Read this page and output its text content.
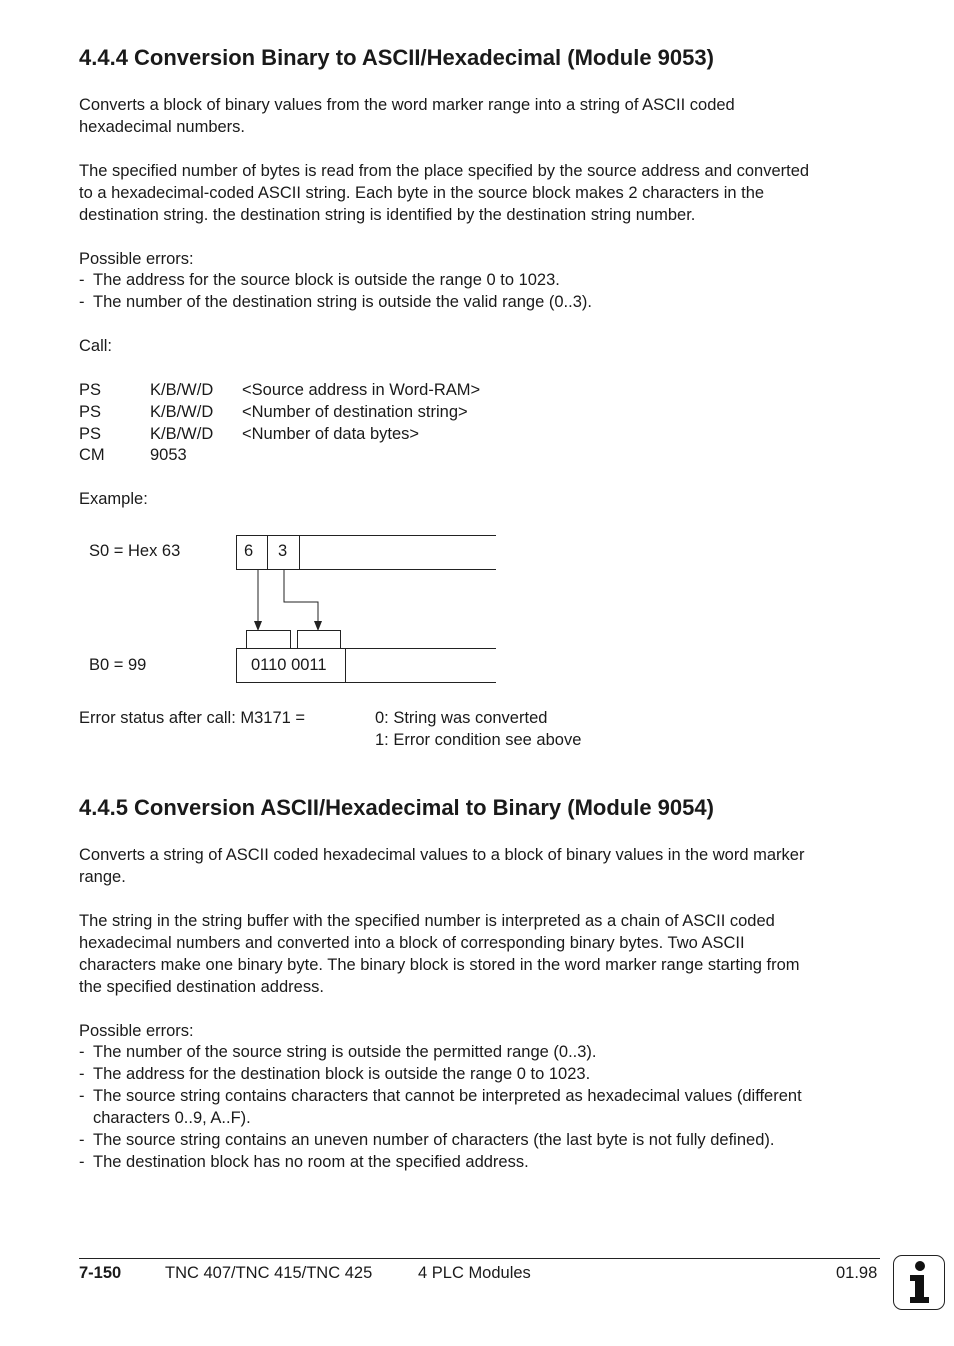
4.4.4 Conversion Binary to ASCII/Hexadecimal (Module 9053)
Converts a block of binary values from the word marker range into a string of ASCII coded
hexadecimal numbers.
The specified number of bytes is read from the place specified by the source address and converted
to a hexadecimal-coded ASCII string. Each byte in the source block makes 2 characters in the
destination string. the destination string is identified by the destination string number.
Possible errors:
- The address for the source block is outside the range 0 to 1023.
- The number of the destination string is outside the valid range (0..3).
Call:
PS	K/B/W/D <Source address in Word-RAM>
PS	K/B/W/D <Number of destination string>
PS	K/B/W/D <Number of data bytes>
CM	9053
Example:
S0 = Hex 63	6 3
B0 = 99	0110 0011
Error status after call: M3171 =	0: String was converted
1: Error condition see above
4.4.5 Conversion ASCII/Hexadecimal to Binary (Module 9054)
Converts a string of ASCII coded hexadecimal values to a block of binary values in the word marker
range.
The string in the string buffer with the specified number is interpreted as a chain of ASCII coded
hexadecimal numbers and converted into a block of corresponding binary bytes. Two ASCII
characters make one binary byte. The binary block is stored in the word marker range starting from
the specified destination address.
Possible errors:
- The number of the source string is outside the permitted range (0..3).
- The address for the destination block is outside the range 0 to 1023.
- The source string contains characters that cannot be interpreted as hexadecimal values (different
characters 0..9, A..F).
- The source string contains an uneven number of characters (the last byte is not fully defined).
- The destination block has no room at the specified address.
7-150	TNC 407/TNC 415/TNC 425	4 PLC Modules	01.98
